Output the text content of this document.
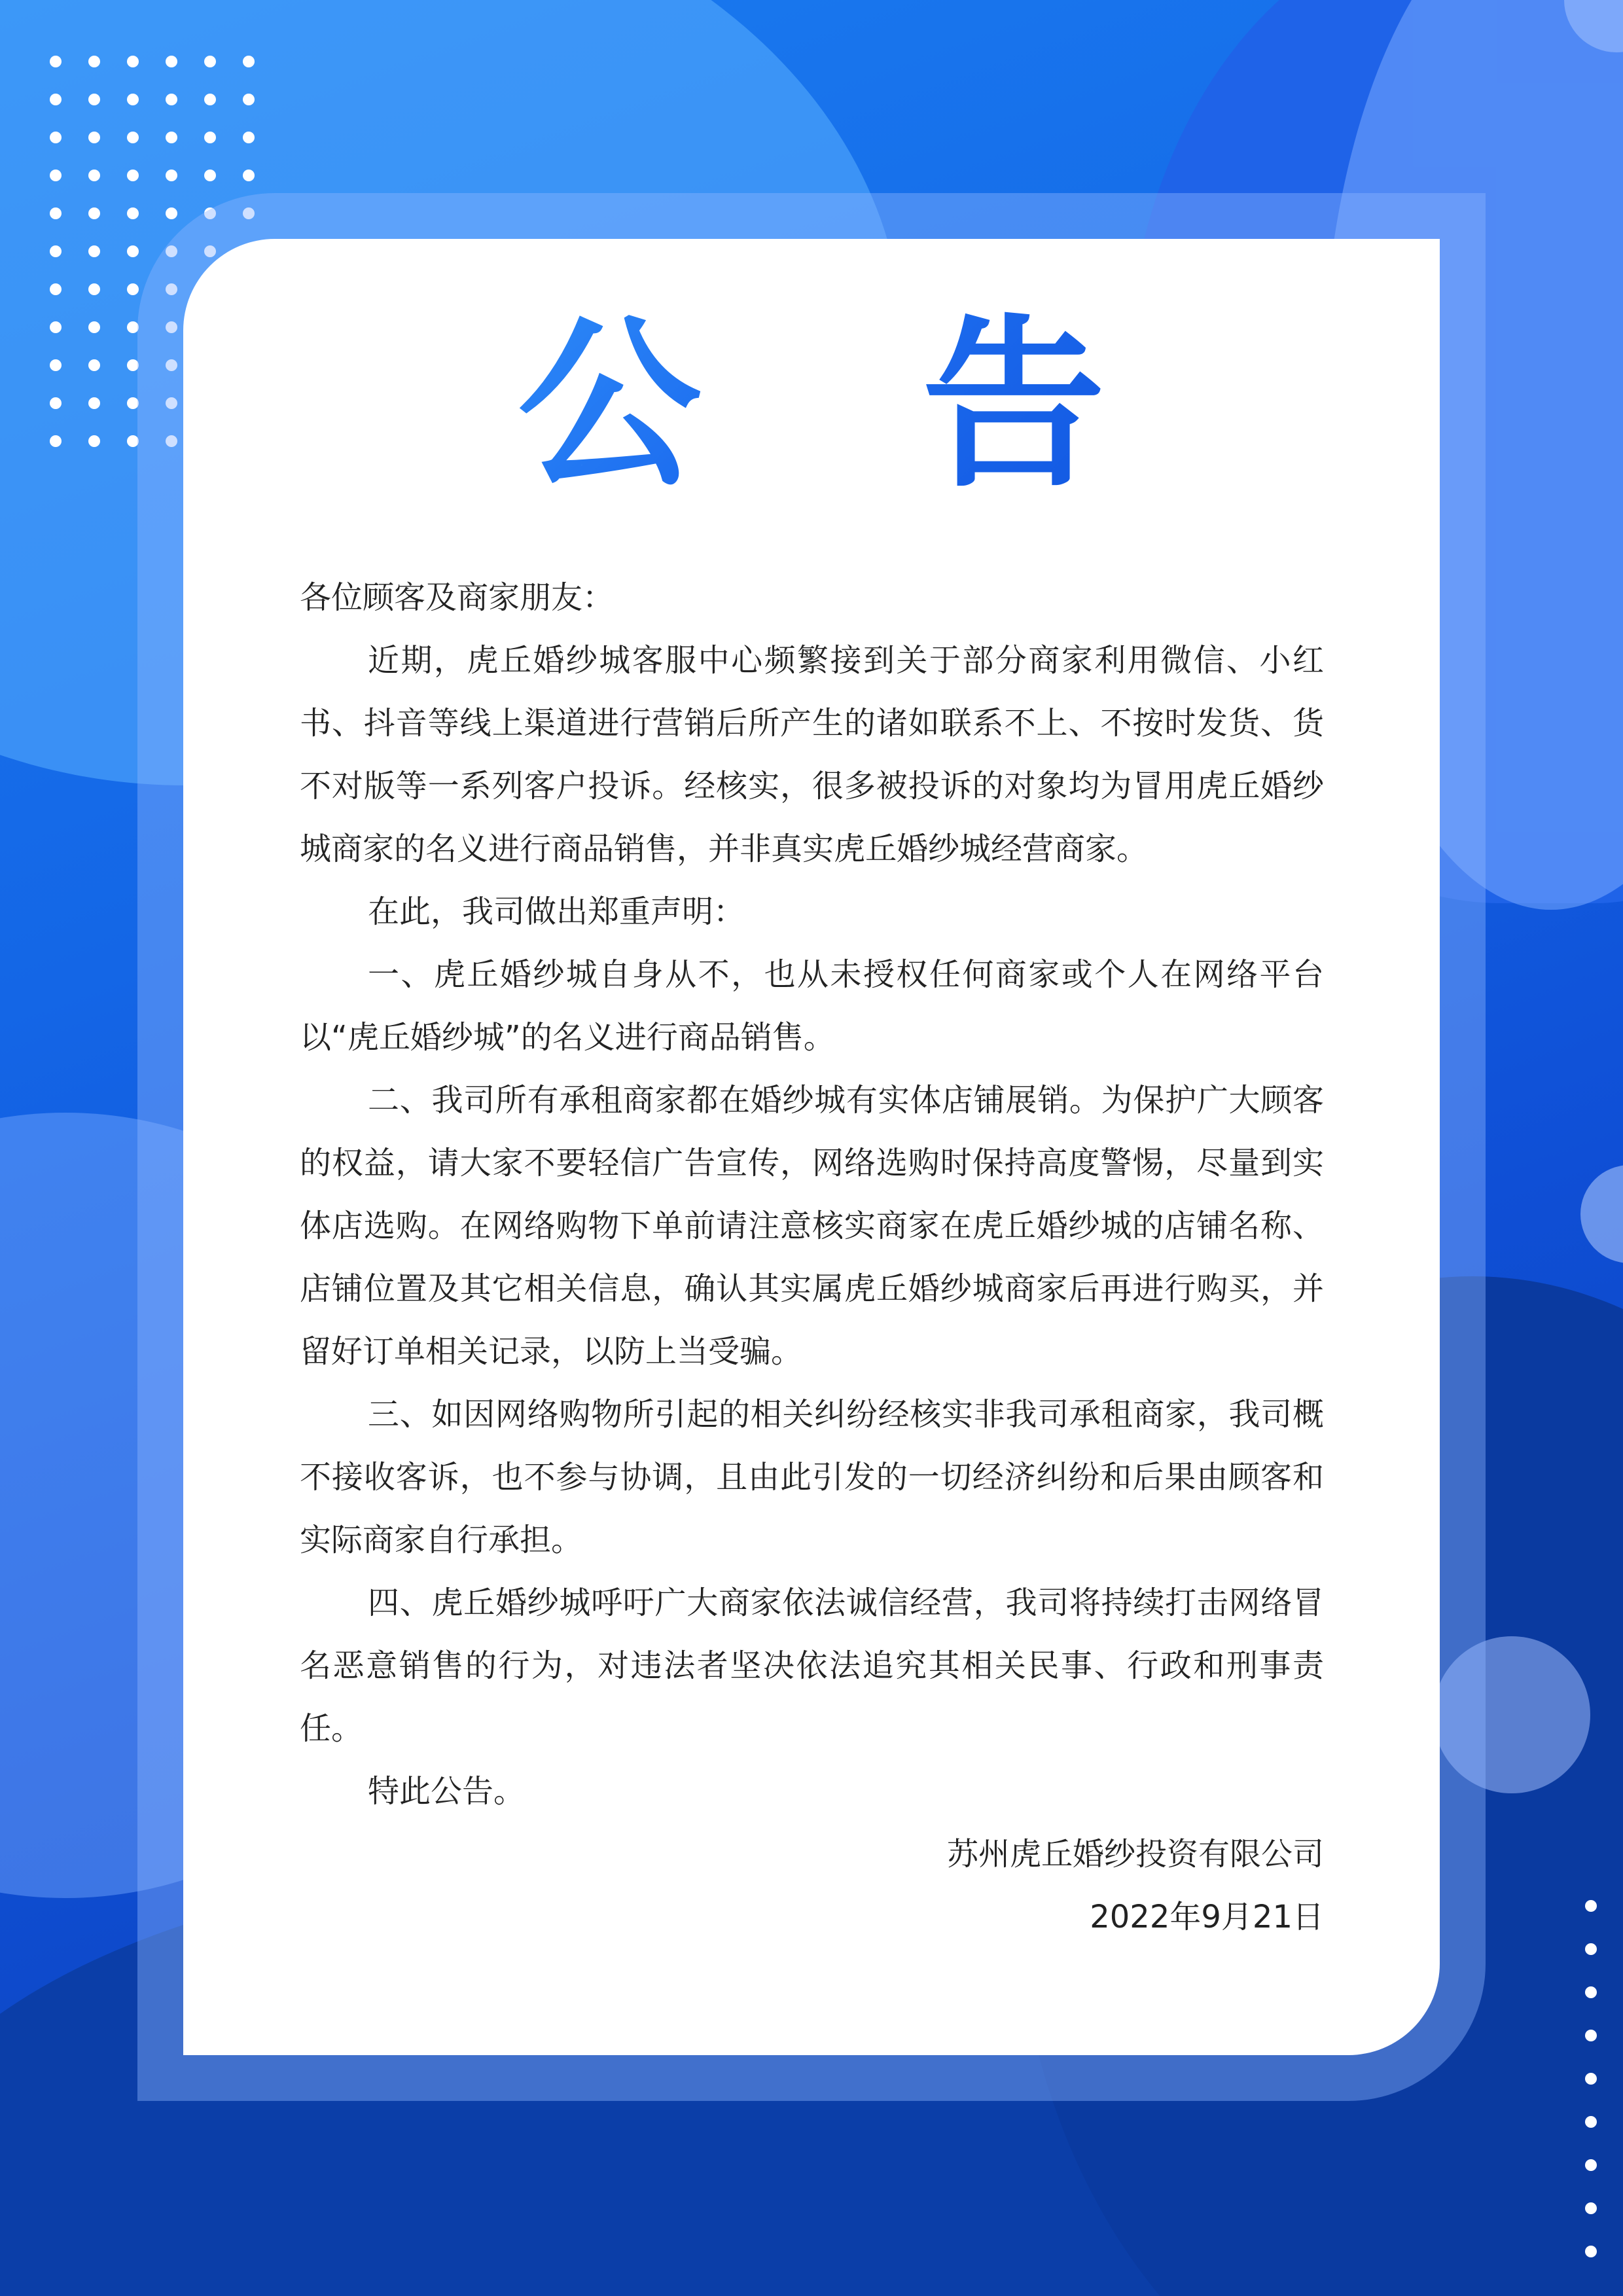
公 告

各位顾客及商家朋友：

近期，虎丘婚纱城客服中心频繁接到关于部分商家利用微信、小红书、抖音等线上渠道进行营销后所产生的诸如联系不上、不按时发货、货不对版等一系列客户投诉。经核实，很多被投诉的对象均为冒用虎丘婚纱城商家的名义进行商品销售，并非真实虎丘婚纱城经营商家。

在此，我司做出郑重声明：

一、虎丘婚纱城自身从不，也从未授权任何商家或个人在网络平台以“虎丘婚纱城”的名义进行商品销售。

二、我司所有承租商家都在婚纱城有实体店铺展销。为保护广大顾客的权益，请大家不要轻信广告宣传，网络选购时保持高度警惕，尽量到实体店选购。在网络购物下单前请注意核实商家在虎丘婚纱城的店铺名称、店铺位置及其它相关信息，确认其实属虎丘婚纱城商家后再进行购买，并留好订单相关记录，以防上当受骗。

三、如因网络购物所引起的相关纠纷经核实非我司承租商家，我司概不接收客诉，也不参与协调，且由此引发的一切经济纠纷和后果由顾客和实际商家自行承担。

四、虎丘婚纱城呼吁广大商家依法诚信经营，我司将持续打击网络冒名恶意销售的行为，对违法者坚决依法追究其相关民事、行政和刑事责任。

特此公告。

苏州虎丘婚纱投资有限公司

2022年9月21日
